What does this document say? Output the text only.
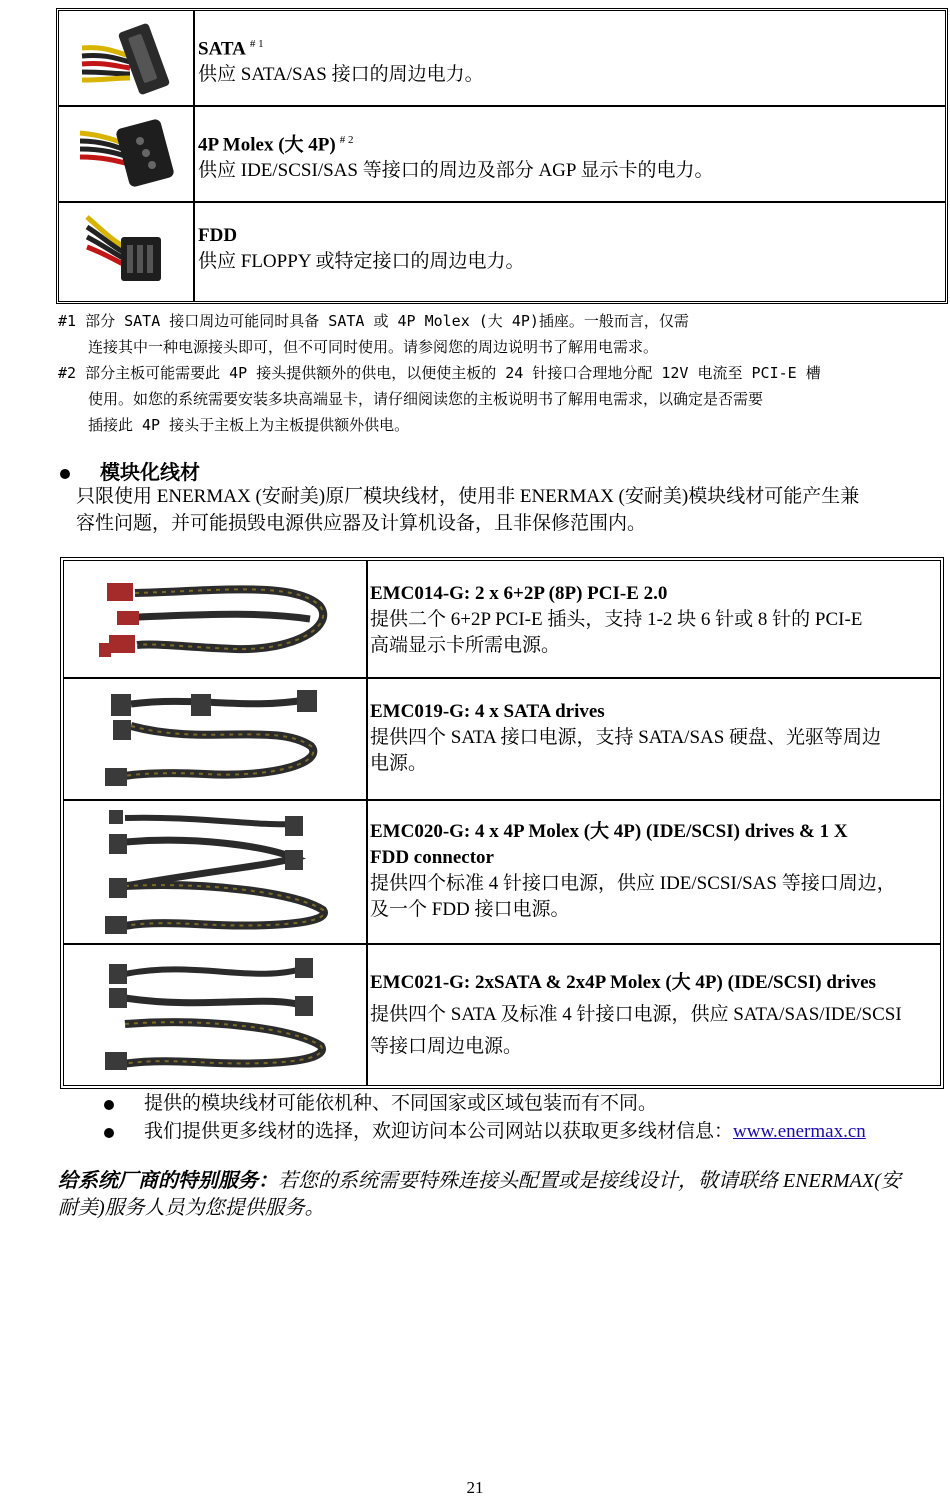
SATA $^{\# 1}$
供应 SATA/SAS 接口的周边电力。
4P Molex (大 4P) $^{\# 2}$
供应 IDE/SCSI/SAS 等接口的周边及部分 AGP 显示卡的电力。
FDD
供应 FLOPPY 或特定接口的周边电力。
#1 部分 SATA 接口周边可能同时具备 SATA 或 4P Molex (大 4P)插座。一般而言，仅需
连接其中一种电源接头即可，但不可同时使用。请参阅您的周边说明书了解用电需求。
#2 部分主板可能需要此 4P 接头提供额外的供电，以便使主板的 24 针接口合理地分配 12V 电流至 PCI-E 槽
使用。如您的系统需要安装多块高端显卡，请仔细阅读您的主板说明书了解用电需求，以确定是否需要
插接此 4P 接头于主板上为主板提供额外供电。
模块化线材
只限使用 ENERMAX (安耐美)原厂模块线材，使用非 ENERMAX (安耐美)模块线材可能产生兼
容性问题，并可能损毁电源供应器及计算机设备，且非保修范围内。
EMC014-G: 2 x 6+2P (8P) PCI-E 2.0
提供二个 6+2P PCI-E 插头，支持 1-2 块 6 针或 8 针的 PCI-E
高端显示卡所需电源。
EMC019-G: 4 x SATA drives
提供四个 SATA 接口电源，支持 SATA/SAS 硬盘、光驱等周边
电源。
EMC020-G: 4 x 4P Molex (大 4P) (IDE/SCSI) drives & 1 X
FDD connector
提供四个标准 4 针接口电源，供应 IDE/SCSI/SAS 等接口周边，
及一个 FDD 接口电源。
EMC021-G: 2xSATA & 2x4P Molex (大 4P) (IDE/SCSI) drives
提供四个 SATA 及标准 4 针接口电源，供应 SATA/SAS/IDE/SCSI
等接口周边电源。
提供的模块线材可能依机种、不同国家或区域包装而有不同。
我们提供更多线材的选择，欢迎访问本公司网站以获取更多线材信息：www.enermax.cn
给系统厂商的特别服务：若您的系统需要特殊连接头配置或是接线设计，敬请联络 ENERMAX(安
耐美)服务人员为您提供服务。
21
